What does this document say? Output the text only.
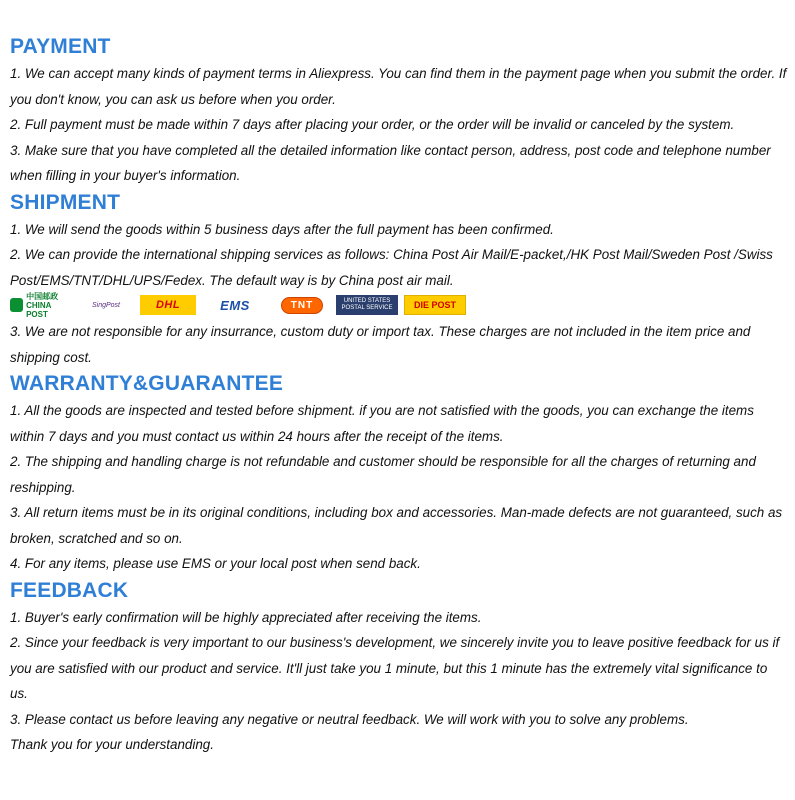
PAYMENT

1. We can accept many kinds of payment terms in Aliexpress. You can find them in the payment page when you submit the order. If you don't know, you can ask us before when you order.

2. Full payment must be made within 7 days after placing your order, or the order will be invalid or canceled by the system.

3. Make sure that you have completed all the detailed information like contact person, address, post code and telephone number when filling in your buyer's information.

SHIPMENT

1. We will send the goods within 5 business days after the full payment has been confirmed.

2. We can provide the international shipping services as follows: China Post Air Mail/E-packet,/HK Post Mail/Sweden Post /Swiss Post/EMS/TNT/DHL/UPS/Fedex. The default way is by China post air mail.

中国邮政
CHINA POST
SingPost	DHL	EMS	TNT	UNITED STATES
POSTAL SERVICE DIE POST

3. We are not responsible for any insurrance, custom duty or import tax. These charges are not included in the item price and shipping cost.

WARRANTY&GUARANTEE

1. All the goods are inspected and tested before shipment. if you are not satisfied with the goods, you can exchange the items within 7 days and you must contact us within 24 hours after the receipt of the items.

2. The shipping and handling charge is not refundable and customer should be responsible for all the charges of returning and reshipping.

3. All return items must be in its original conditions, including box and accessories. Man-made defects are not guaranteed, such as broken, scratched and so on.

4. For any items, please use EMS or your local post when send back.

FEEDBACK

1. Buyer's early confirmation will be highly appreciated after receiving the items.

2. Since your feedback is very important to our business's development, we sincerely invite you to leave positive feedback for us if you are satisfied with our product and service. It'll just take you 1 minute, but this 1 minute has the extremely vital significance to us.

3. Please contact us before leaving any negative or neutral feedback. We will work with you to solve any problems.

Thank you for your understanding.
